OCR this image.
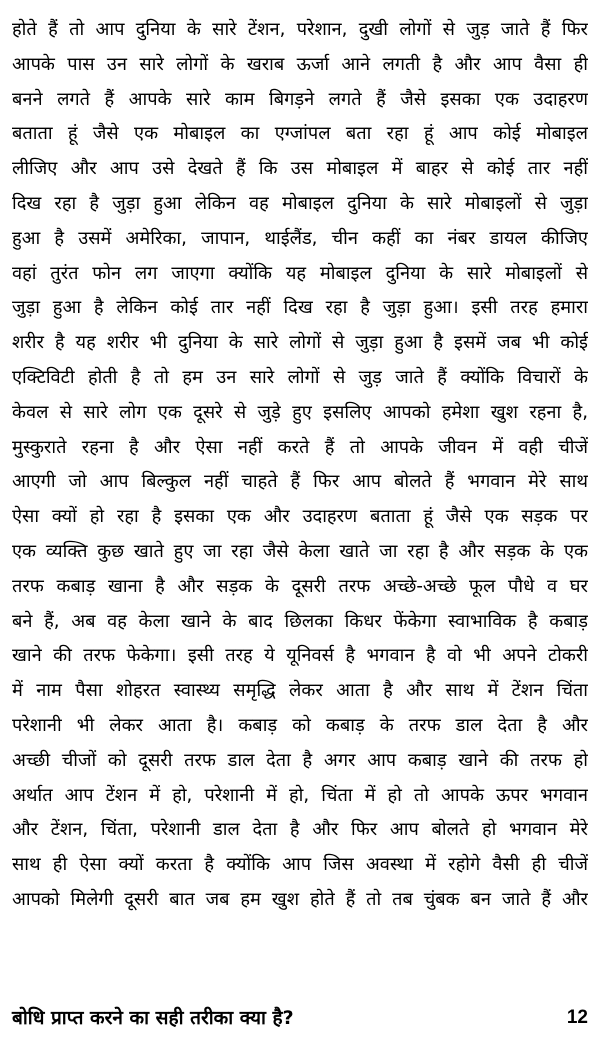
होते हैं तो आप दुनिया के सारे टेंशन, परेशान, दुखी लोगों से जुड़ जाते हैं फिर
आपके पास उन सारे लोगों के खराब ऊर्जा आने लगती है और आप वैसा ही
बनने लगते हैं आपके सारे काम बिगड़ने लगते हैं जैसे इसका एक उदाहरण
बताता हूं जैसे एक मोबाइल का एग्जांपल बता रहा हूं आप कोई मोबाइल
लीजिए और आप उसे देखते हैं कि उस मोबाइल में बाहर से कोई तार नहीं
दिख रहा है जुड़ा हुआ लेकिन वह मोबाइल दुनिया के सारे मोबाइलों से जुड़ा
हुआ है उसमें अमेरिका, जापान, थाईलैंड, चीन कहीं का नंबर डायल कीजिए
वहां तुरंत फोन लग जाएगा क्योंकि यह मोबाइल दुनिया के सारे मोबाइलों से
जुड़ा हुआ है लेकिन कोई तार नहीं दिख रहा है जुड़ा हुआ। इसी तरह हमारा
शरीर है यह शरीर भी दुनिया के सारे लोगों से जुड़ा हुआ है इसमें जब भी कोई
एक्टिविटी होती है तो हम उन सारे लोगों से जुड़ जाते हैं क्योंकि विचारों के
केवल से सारे लोग एक दूसरे से जुड़े हुए इसलिए आपको हमेशा खुश रहना है,
मुस्कुराते रहना है और ऐसा नहीं करते हैं तो आपके जीवन में वही चीजें
आएगी जो आप बिल्कुल नहीं चाहते हैं फिर आप बोलते हैं भगवान मेरे साथ
ऐसा क्यों हो रहा है इसका एक और उदाहरण बताता हूं जैसे एक सड़क पर
एक व्यक्ति कुछ खाते हुए जा रहा जैसे केला खाते जा रहा है और सड़क के एक
तरफ कबाड़ खाना है और सड़क के दूसरी तरफ अच्छे-अच्छे फूल पौधे व घर
बने हैं, अब वह केला खाने के बाद छिलका किधर फेंकेगा स्वाभाविक है कबाड़
खाने की तरफ फेकेगा। इसी तरह ये यूनिवर्स है भगवान है वो भी अपने टोकरी
में नाम पैसा शोहरत स्वास्थ्य समृद्धि लेकर आता है और साथ में टेंशन चिंता
परेशानी भी लेकर आता है। कबाड़ को कबाड़ के तरफ डाल देता है और
अच्छी चीजों को दूसरी तरफ डाल देता है अगर आप कबाड़ खाने की तरफ हो
अर्थात आप टेंशन में हो, परेशानी में हो, चिंता में हो तो आपके ऊपर भगवान
और टेंशन, चिंता, परेशानी डाल देता है और फिर आप बोलते हो भगवान मेरे
साथ ही ऐसा क्यों करता है क्योंकि आप जिस अवस्था में रहोगे वैसी ही चीजें
आपको मिलेगी दूसरी बात जब हम खुश होते हैं तो तब चुंबक बन जाते हैं और
बोधि प्राप्त करने का सही तरीका क्या है?	12
